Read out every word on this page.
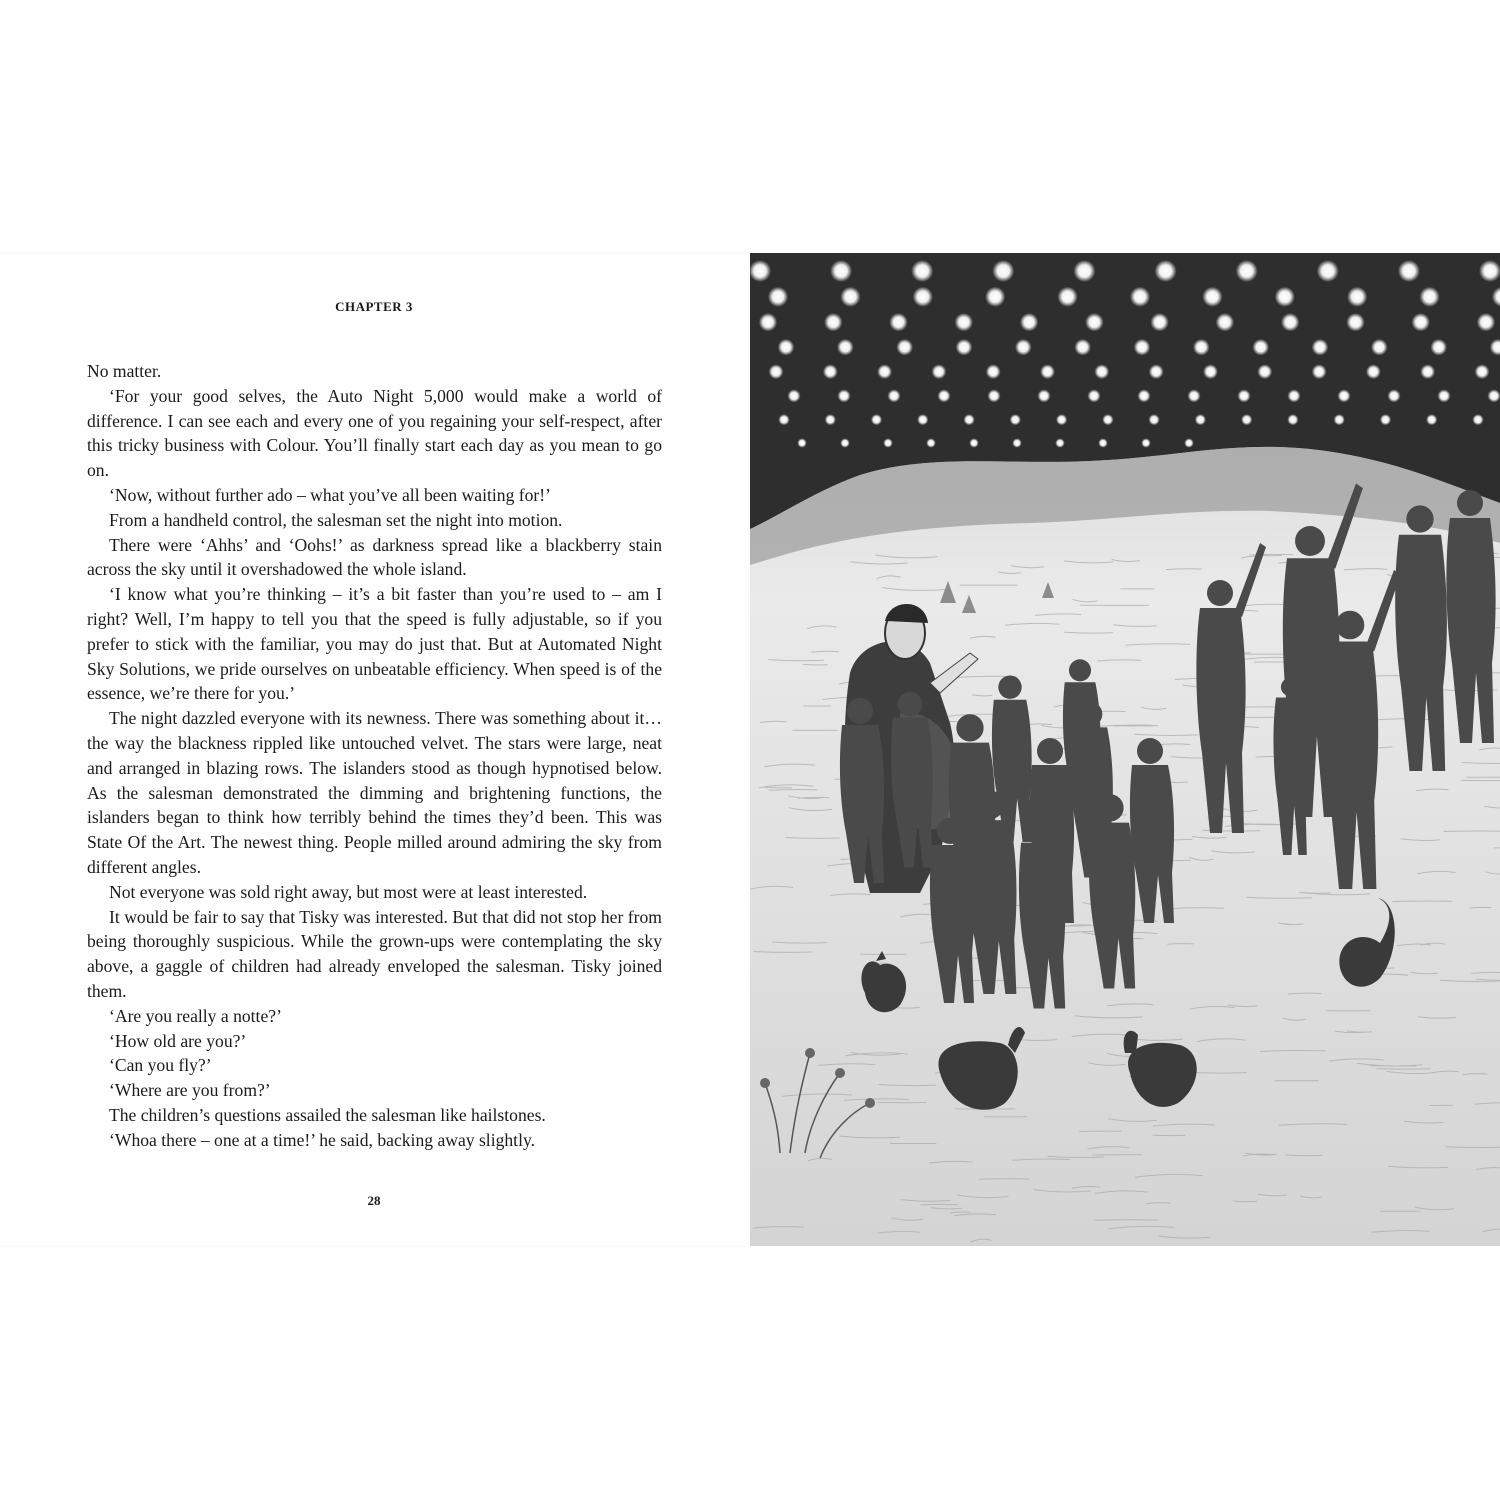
CHAPTER 3

No matter.

‘For your good selves, the Auto Night 5,000 would make a world of difference. I can see each and every one of you regaining your self-respect, after this tricky business with Colour. You’ll finally start each day as you mean to go on.

‘Now, without further ado – what you’ve all been waiting for!’

From a handheld control, the salesman set the night into motion.

There were ‘Ahhs’ and ‘Oohs!’ as darkness spread like a blackberry stain across the sky until it overshadowed the whole island.

‘I know what you’re thinking – it’s a bit faster than you’re used to – am I right? Well, I’m happy to tell you that the speed is fully adjustable, so if you prefer to stick with the familiar, you may do just that. But at Automated Night Sky Solutions, we pride ourselves on unbeatable efficiency. When speed is of the essence, we’re there for you.’

The night dazzled everyone with its newness. There was something about it… the way the blackness rippled like untouched velvet. The stars were large, neat and arranged in blazing rows. The islanders stood as though hypnotised below. As the salesman demonstrated the dimming and brightening functions, the islanders began to think how terribly behind the times they’d been. This was State Of the Art. The newest thing. People milled around admiring the sky from different angles.

Not everyone was sold right away, but most were at least interested.

It would be fair to say that Tisky was interested. But that did not stop her from being thoroughly suspicious. While the grown-ups were contemplating the sky above, a gaggle of children had already enveloped the salesman. Tisky joined them.

‘Are you really a notte?’

‘How old are you?’

‘Can you fly?’

‘Where are you from?’

The children’s questions assailed the salesman like hailstones.

‘Whoa there – one at a time!’ he said, backing away slightly.

28
